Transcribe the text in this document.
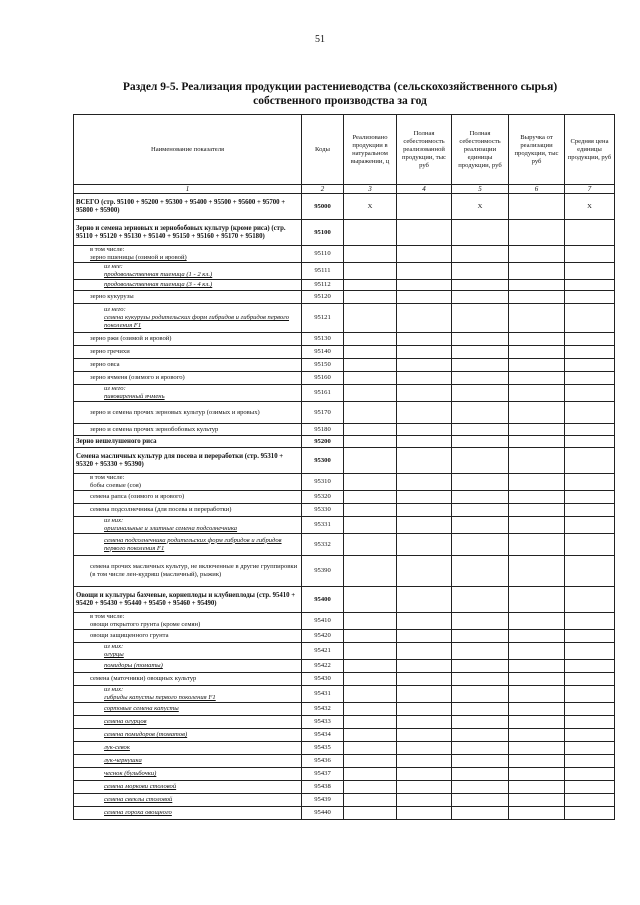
51
Раздел 9-5. Реализация продукции растениеводства (сельскохозяйственного сырья)
собственного производства за год
Наименование показателя	Коды	Реализовано продукции в натуральном выражении, ц	Полная себестоимость реализованной продукции, тыс руб	Полная себестоимость реализации единицы продукции, руб	Выручка от реализации продукции, тыс руб	Средняя цена единицы продукции, руб
1	2	3	4	5	6	7
ВСЕГО (стр. 95100 + 95200 + 95300 + 95400 + 95500 + 95600 + 95700 + 95800 + 95900)	95000	X		X		X
Зерно и семена зерновых и зернобобовых культур (кроме риса) (стр. 95110 + 95120 + 95130 + 95140 + 95150 + 95160 + 95170 + 95180)	95100					

в том числе:
зерно пшеницы (озимой и яровой)	95110					

из нее:
продовольственная пшеница (1 - 2 кл.)	95111					
продовольственная пшеница (3 - 4 кл.)	95112					
зерно кукурузы	95120					

из него:
семена кукурузы родительских форм гибридов и гибридов первого поколения F1	95121					
зерно ржи (озимой и яровой)	95130					
зерно гречихи	95140					
зерно овса	95150					
зерно ячменя (озимого и ярового)	95160					

из него:
пивоваренный ячмень	95161					
зерно и семена прочих зерновых культур (озимых и яровых)	95170					
зерно и семена прочих зернобобовых культур	95180					
Зерно нешелушеного риса	95200					
Семена масличных культур для посева и переработки (стр. 95310 + 95320 + 95330 + 95390)	95300					

в том числе:
бобы соевые (соя)	95310					
семена рапса (озимого и ярового)	95320					
семена подсолнечника (для посева и переработки)	95330					

из них:
оригинальные и элитные семена подсолнечника	95331					
семена подсолнечника родительских форм гибридов и гибридов первого поколения F1	95332					
семена прочих масличных культур, не включенные в другие группировки (в том числе лен-кудряш (масличный), рыжик)	95390					
Овощи и культуры бахчевые, корнеплоды и клубнеплоды (стр. 95410 + 95420 + 95430 + 95440 + 95450 + 95460 + 95490)	95400					

в том числе:
овощи открытого грунта (кроме семян)	95410					
овощи защищенного грунта	95420					

из них:
огурцы	95421					
помидоры (томаты)	95422					
семена (маточники) овощных культур	95430					

из них:
гибриды капусты первого поколения F1	95431					
сортовые семена капусты	95432					
семена огурцов	95433					
семена помидоров (томатов)	95434					
лук-севок	95435					
лук-чернушка	95436					
чеснок (бульбочки)	95437					
семена моркови столовой	95438					
семена свеклы столовой	95439					
семена гороха овощного	95440					
